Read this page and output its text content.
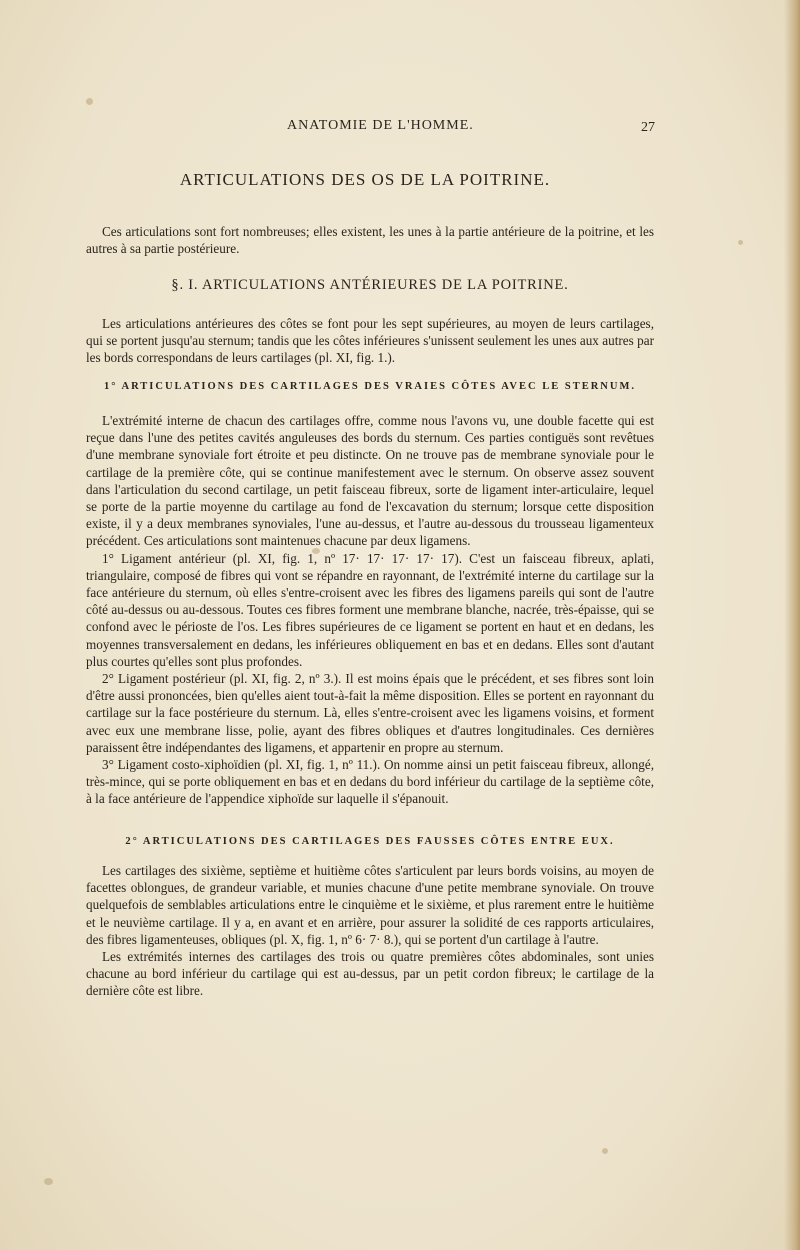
ANATOMIE DE L'HOMME.	27
ARTICULATIONS DES OS DE LA POITRINE.

Ces articulations sont fort nombreuses; elles existent, les unes à la partie antérieure de la poitrine, et les autres à sa partie postérieure.

§. I. ARTICULATIONS ANTÉRIEURES DE LA POITRINE.

Les articulations antérieures des côtes se font pour les sept supérieures, au moyen de leurs cartilages, qui se portent jusqu'au sternum; tandis que les côtes inférieures s'unissent seulement les unes aux autres par les bords correspondans de leurs cartilages (pl. XI, fig. 1.).

1° ARTICULATIONS DES CARTILAGES DES VRAIES CÔTES AVEC LE STERNUM.

L'extrémité interne de chacun des cartilages offre, comme nous l'avons vu, une double facette qui est reçue dans l'une des petites cavités anguleuses des bords du sternum. Ces parties contiguës sont revêtues d'une membrane synoviale fort étroite et peu distincte. On ne trouve pas de membrane synoviale pour le cartilage de la première côte, qui se continue manifestement avec le sternum. On observe assez souvent dans l'articulation du second cartilage, un petit faisceau fibreux, sorte de ligament inter-articulaire, lequel se porte de la partie moyenne du cartilage au fond de l'excavation du sternum; lorsque cette disposition existe, il y a deux membranes synoviales, l'une au-dessus, et l'autre au-dessous du trousseau ligamenteux précédent. Ces articulations sont maintenues chacune par deux ligamens.

1° Ligament antérieur (pl. XI, fig. 1, nº 17· 17· 17· 17· 17). C'est un faisceau fibreux, aplati, triangulaire, composé de fibres qui vont se répandre en rayonnant, de l'extrémité interne du cartilage sur la face antérieure du sternum, où elles s'entre-croisent avec les fibres des ligamens pareils qui sont de l'autre côté au-dessus ou au-dessous. Toutes ces fibres forment une membrane blanche, nacrée, très-épaisse, qui se confond avec le périoste de l'os. Les fibres supérieures de ce ligament se portent en haut et en dedans, les moyennes transversalement en dedans, les inférieures obliquement en bas et en dedans. Elles sont d'autant plus courtes qu'elles sont plus profondes.

2° Ligament postérieur (pl. XI, fig. 2, nº 3.). Il est moins épais que le précédent, et ses fibres sont loin d'être aussi prononcées, bien qu'elles aient tout-à-fait la même disposition. Elles se portent en rayonnant du cartilage sur la face postérieure du sternum. Là, elles s'entre-croisent avec les ligamens voisins, et forment avec eux une membrane lisse, polie, ayant des fibres obliques et d'autres longitudinales. Ces dernières paraissent être indépendantes des ligamens, et appartenir en propre au sternum.

3° Ligament costo-xiphoïdien (pl. XI, fig. 1, nº 11.). On nomme ainsi un petit faisceau fibreux, allongé, très-mince, qui se porte obliquement en bas et en dedans du bord inférieur du cartilage de la septième côte, à la face antérieure de l'appendice xiphoïde sur laquelle il s'épanouit.

2° ARTICULATIONS DES CARTILAGES DES FAUSSES CÔTES ENTRE EUX.

Les cartilages des sixième, septième et huitième côtes s'articulent par leurs bords voisins, au moyen de facettes oblongues, de grandeur variable, et munies chacune d'une petite membrane synoviale. On trouve quelquefois de semblables articulations entre le cinquième et le sixième, et plus rarement entre le huitième et le neuvième cartilage. Il y a, en avant et en arrière, pour assurer la solidité de ces rapports articulaires, des fibres ligamenteuses, obliques (pl. X, fig. 1, nº 6· 7· 8.), qui se portent d'un cartilage à l'autre.

Les extrémités internes des cartilages des trois ou quatre premières côtes abdominales, sont unies chacune au bord inférieur du cartilage qui est au-dessus, par un petit cordon fibreux; le cartilage de la dernière côte est libre.
